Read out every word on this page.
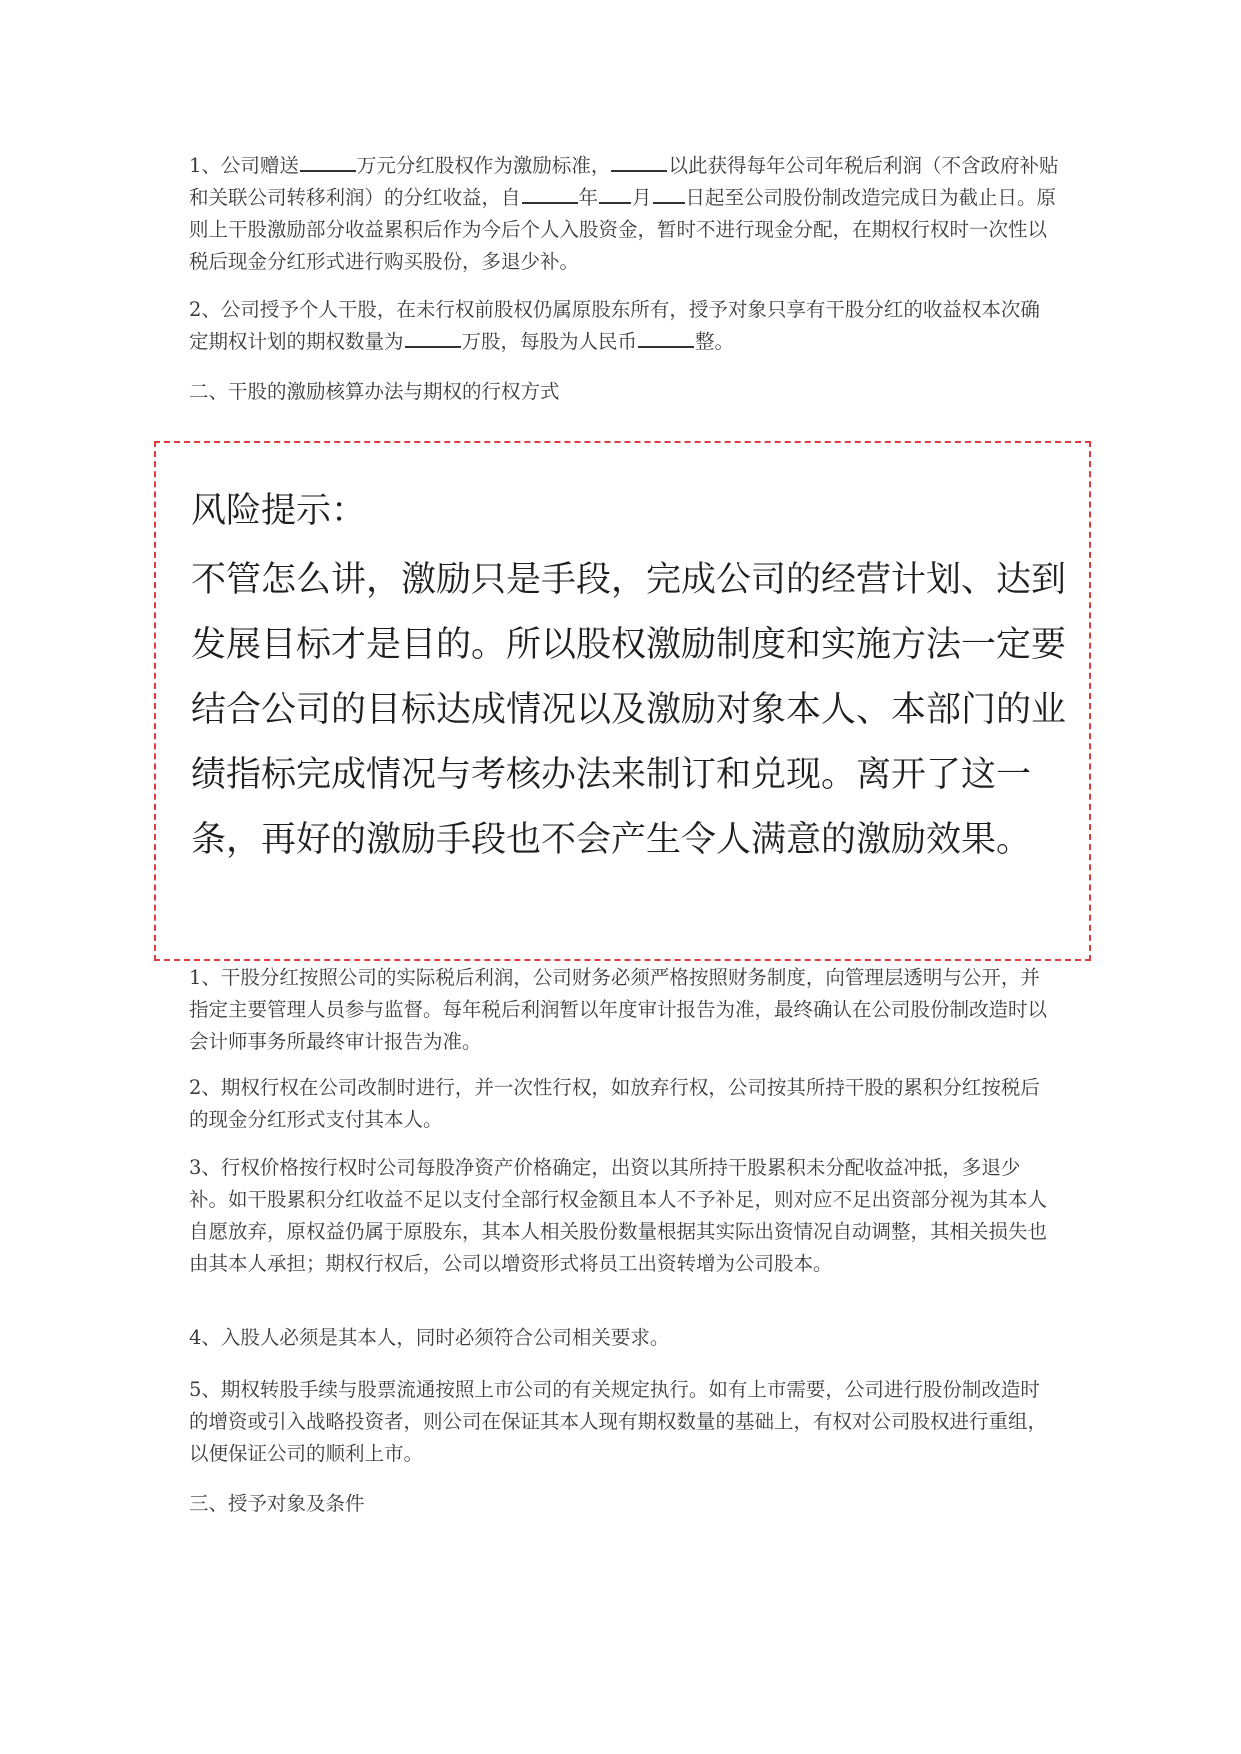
1、公司赠送	万元分红股权作为激励标准，	以此获得每年公司年税后利润（不含政府补贴和关联公司转移利润）的分红收益，自	年 月 日起至公司股份制改造完成日为截止日。原则上干股激励部分收益累积后作为今后个人入股资金，暂时不进行现金分配，在期权行权时一次性以税后现金分红形式进行购买股份，多退少补。

2、公司授予个人干股，在未行权前股权仍属原股东所有，授予对象只享有干股分红的收益权本次确定期权计划的期权数量为	万股，每股为人民币	整。

二、干股的激励核算办法与期权的行权方式

风险提示：
不管怎么讲，激励只是手段，完成公司的经营计划、达到发展目标才是目的。所以股权激励制度和实施方法一定要结合公司的目标达成情况以及激励对象本人、本部门的业绩指标完成情况与考核办法来制订和兑现。离开了这一条，再好的激励手段也不会产生令人满意的激励效果。

1、干股分红按照公司的实际税后利润，公司财务必须严格按照财务制度，向管理层透明与公开，并指定主要管理人员参与监督。每年税后利润暂以年度审计报告为准，最终确认在公司股份制改造时以会计师事务所最终审计报告为准。

2、期权行权在公司改制时进行，并一次性行权，如放弃行权，公司按其所持干股的累积分红按税后的现金分红形式支付其本人。

3、行权价格按行权时公司每股净资产价格确定，出资以其所持干股累积未分配收益冲抵，多退少补。如干股累积分红收益不足以支付全部行权金额且本人不予补足，则对应不足出资部分视为其本人自愿放弃，原权益仍属于原股东，其本人相关股份数量根据其实际出资情况自动调整，其相关损失也由其本人承担；期权行权后，公司以增资形式将员工出资转增为公司股本。

4、入股人必须是其本人，同时必须符合公司相关要求。

5、期权转股手续与股票流通按照上市公司的有关规定执行。如有上市需要，公司进行股份制改造时的增资或引入战略投资者，则公司在保证其本人现有期权数量的基础上，有权对公司股权进行重组，以便保证公司的顺利上市。

三、授予对象及条件
